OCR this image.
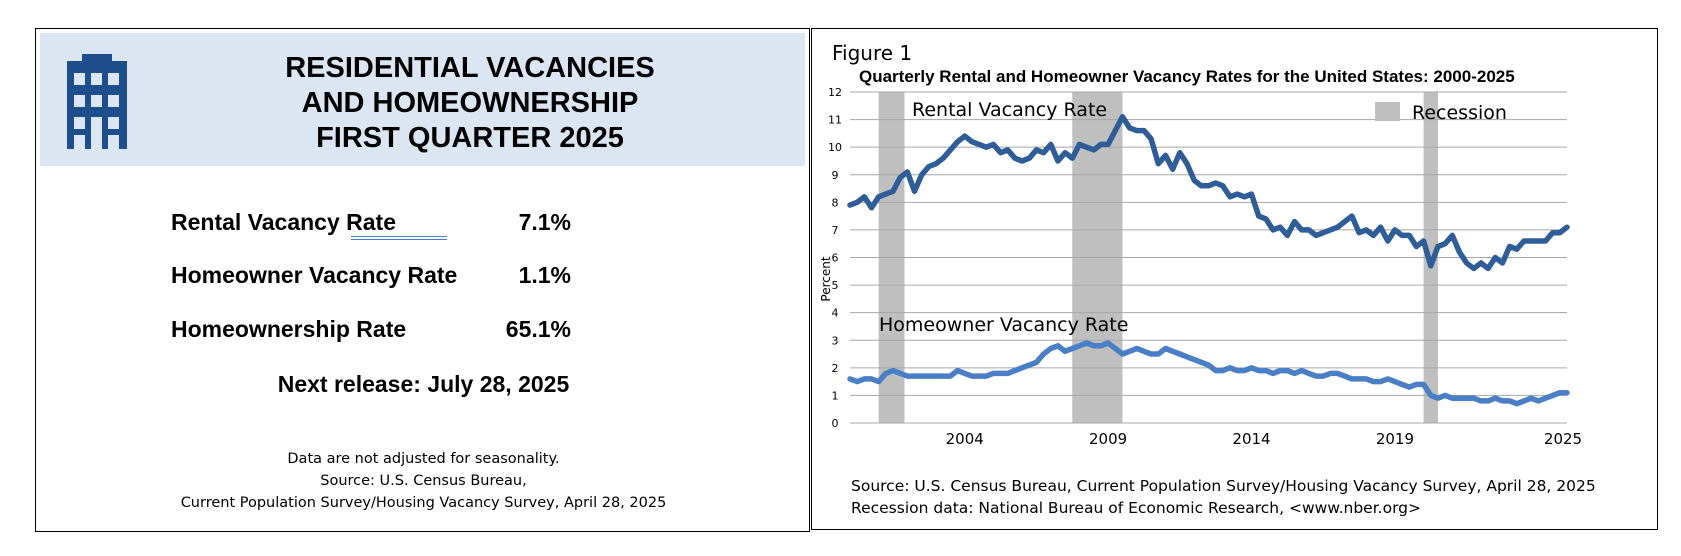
RESIDENTIAL VACANCIES
AND HOMEOWNERSHIP
FIRST QUARTER 2025
Rental Vacancy Rate	7.1%
Homeowner Vacancy Rate	1.1%
Homeownership Rate	65.1%
Next release: July 28, 2025
Data are not adjusted for seasonality.
Source: U.S. Census Bureau,
Current Population Survey/Housing Vacancy Survey, April 28, 2025
0
1
2
3
4
5
6
7
8
9
10
11
12
2004	2009	2014	2019	2025
Percent
Rental Vacancy Rate
Homeowner Vacancy Rate
Recession
Figure 1
Quarterly Rental and Homeowner Vacancy Rates for the United States: 2000-2025
Source: U.S. Census Bureau, Current Population Survey/Housing Vacancy Survey, April 28, 2025
Recession data: National Bureau of Economic Research, <www.nber.org>
